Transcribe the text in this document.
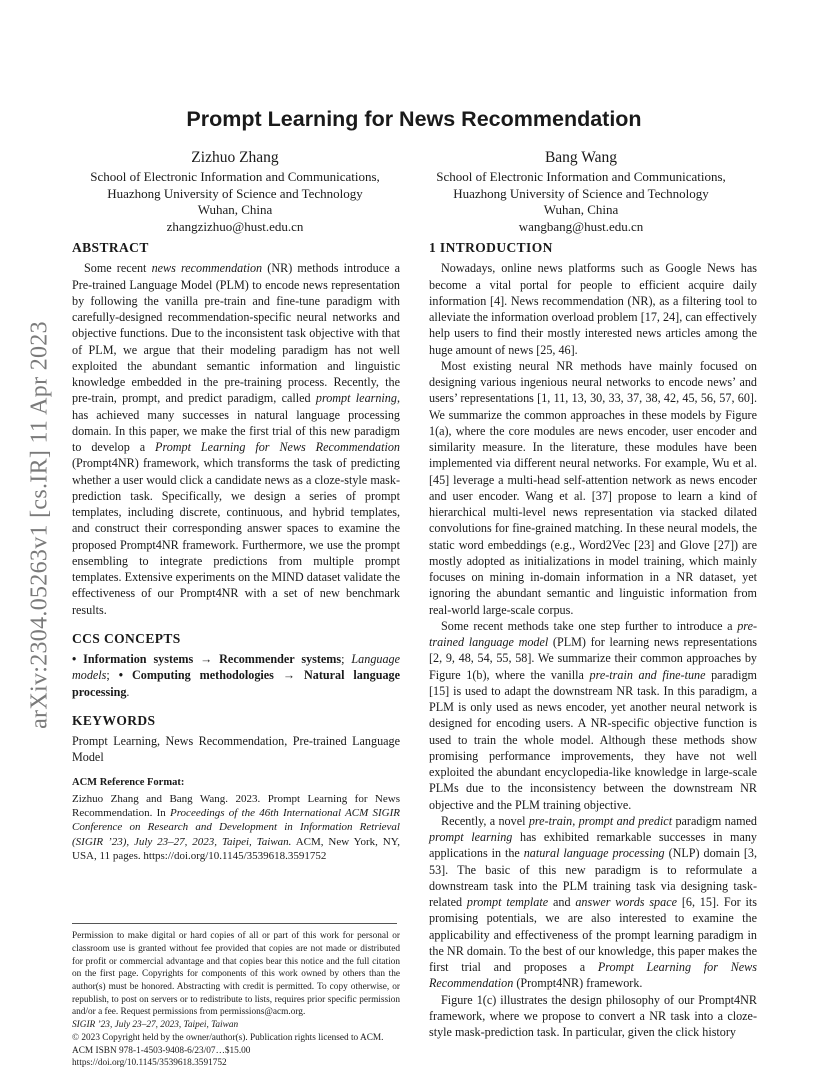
arXiv:2304.05263v1 [cs.IR] 11 Apr 2023
Prompt Learning for News Recommendation
Zizhuo Zhang
School of Electronic Information and Communications,
Huazhong University of Science and Technology
Wuhan, China
zhangzizhuo@hust.edu.cn
Bang Wang
School of Electronic Information and Communications,
Huazhong University of Science and Technology
Wuhan, China
wangbang@hust.edu.cn
ABSTRACT

Some recent news recommendation (NR) methods introduce a Pre-trained Language Model (PLM) to encode news representation by following the vanilla pre-train and fine-tune paradigm with carefully-designed recommendation-specific neural networks and objective functions. Due to the inconsistent task objective with that of PLM, we argue that their modeling paradigm has not well exploited the abundant semantic information and linguistic knowledge embedded in the pre-training process. Recently, the pre-train, prompt, and predict paradigm, called prompt learning, has achieved many successes in natural language processing domain. In this paper, we make the first trial of this new paradigm to develop a Prompt Learning for News Recommendation (Prompt4NR) framework, which transforms the task of predicting whether a user would click a candidate news as a cloze-style mask-prediction task. Specifically, we design a series of prompt templates, including discrete, continuous, and hybrid templates, and construct their corresponding answer spaces to examine the proposed Prompt4NR framework. Furthermore, we use the prompt ensembling to integrate predictions from multiple prompt templates. Extensive experiments on the MIND dataset validate the effectiveness of our Prompt4NR with a set of new benchmark results.

CCS CONCEPTS

• Information systems → Recommender systems; Language models; • Computing methodologies → Natural language processing.

KEYWORDS

Prompt Learning, News Recommendation, Pre-trained Language Model

ACM Reference Format:

Zizhuo Zhang and Bang Wang. 2023. Prompt Learning for News Recommendation. In Proceedings of the 46th International ACM SIGIR Conference on Research and Development in Information Retrieval (SIGIR ’23), July 23–27, 2023, Taipei, Taiwan. ACM, New York, NY, USA, 11 pages. https://doi.org/10.1145/3539618.3591752

Permission to make digital or hard copies of all or part of this work for personal or classroom use is granted without fee provided that copies are not made or distributed for profit or commercial advantage and that copies bear this notice and the full citation on the first page. Copyrights for components of this work owned by others than the author(s) must be honored. Abstracting with credit is permitted. To copy otherwise, or republish, to post on servers or to redistribute to lists, requires prior specific permission and/or a fee. Request permissions from permissions@acm.org.

SIGIR ’23, July 23–27, 2023, Taipei, Taiwan

© 2023 Copyright held by the owner/author(s). Publication rights licensed to ACM.

ACM ISBN 978-1-4503-9408-6/23/07…$15.00

https://doi.org/10.1145/3539618.3591752

1 INTRODUCTION

Nowadays, online news platforms such as Google News has become a vital portal for people to efficient acquire daily information [4]. News recommendation (NR), as a filtering tool to alleviate the information overload problem [17, 24], can effectively help users to find their mostly interested news articles among the huge amount of news [25, 46].

Most existing neural NR methods have mainly focused on designing various ingenious neural networks to encode news’ and users’ representations [1, 11, 13, 30, 33, 37, 38, 42, 45, 56, 57, 60]. We summarize the common approaches in these models by Figure 1(a), where the core modules are news encoder, user encoder and similarity measure. In the literature, these modules have been implemented via different neural networks. For example, Wu et al. [45] leverage a multi-head self-attention network as news encoder and user encoder. Wang et al. [37] propose to learn a kind of hierarchical multi-level news representation via stacked dilated convolutions for fine-grained matching. In these neural models, the static word embeddings (e.g., Word2Vec [23] and Glove [27]) are mostly adopted as initializations in model training, which mainly focuses on mining in-domain information in a NR dataset, yet ignoring the abundant semantic and linguistic information from real-world large-scale corpus.

Some recent methods take one step further to introduce a pre-trained language model (PLM) for learning news representations [2, 9, 48, 54, 55, 58]. We summarize their common approaches by Figure 1(b), where the vanilla pre-train and fine-tune paradigm [15] is used to adapt the downstream NR task. In this paradigm, a PLM is only used as news encoder, yet another neural network is designed for encoding users. A NR-specific objective function is used to train the whole model. Although these methods show promising performance improvements, they have not well exploited the abundant encyclopedia-like knowledge in large-scale PLMs due to the inconsistency between the downstream NR objective and the PLM training objective.

Recently, a novel pre-train, prompt and predict paradigm named prompt learning has exhibited remarkable successes in many applications in the natural language processing (NLP) domain [3, 53]. The basic of this new paradigm is to reformulate a downstream task into the PLM training task via designing task-related prompt template and answer words space [6, 15]. For its promising potentials, we are also interested to examine the applicability and effectiveness of the prompt learning paradigm in the NR domain. To the best of our knowledge, this paper makes the first trial and proposes a Prompt Learning for News Recommendation (Prompt4NR) framework.

Figure 1(c) illustrates the design philosophy of our Prompt4NR framework, where we propose to convert a NR task into a cloze-style mask-prediction task. In particular, given the click history
